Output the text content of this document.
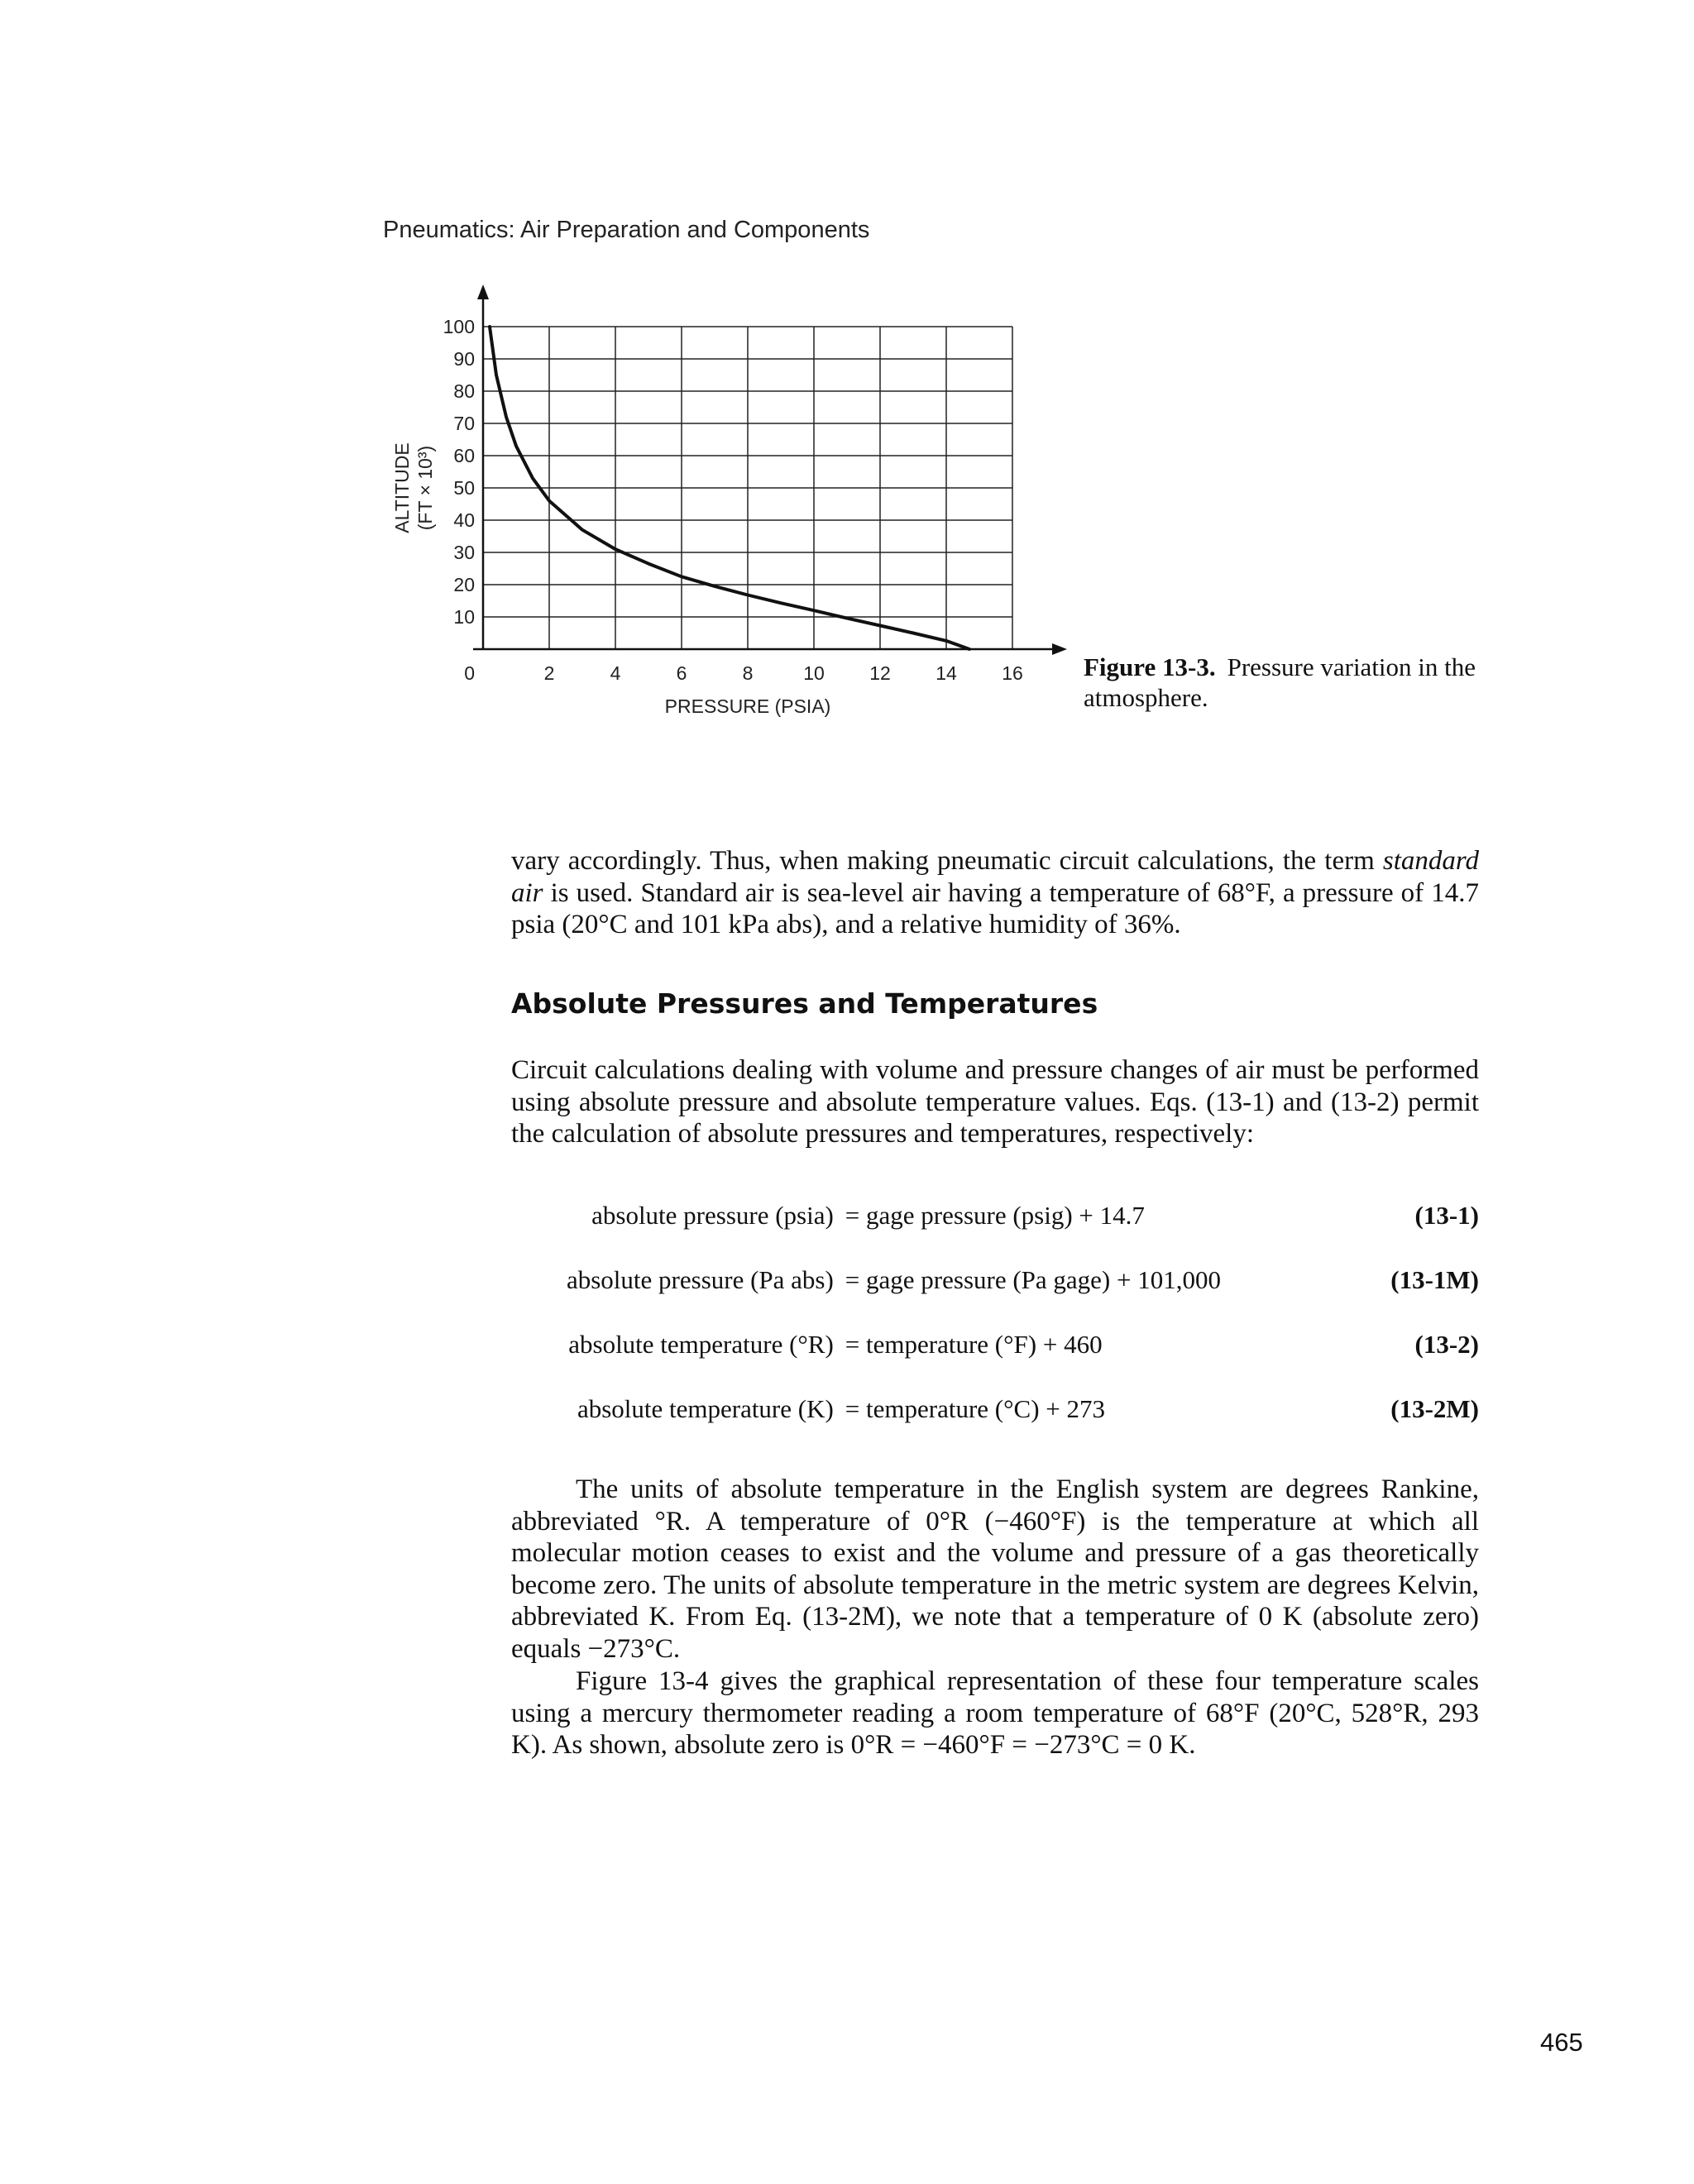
Pneumatics: Air Preparation and Components
2	4	6	8	10 12 14 16
10
20
30
40
50
60
70
80
90
100
0
PRESSURE (PSIA)
ALTITUDE (FT × 10³)
Figure 13-3. Pressure variation in the atmosphere.

vary accordingly. Thus, when making pneumatic circuit calculations, the term standard air is used. Standard air is sea-level air having a temperature of 68°F, a pressure of 14.7 psia (20°C and 101 kPa abs), and a relative humidity of 36%.

Absolute Pressures and Temperatures

Circuit calculations dealing with volume and pressure changes of air must be performed using absolute pressure and absolute temperature values. Eqs. (13-1) and (13-2) permit the calculation of absolute pressures and temperatures, respectively:

absolute pressure (psia) = gage pressure (psig) + 14.7	(13-1)
absolute pressure (Pa abs) = gage pressure (Pa gage) + 101,000	(13-1M)
absolute temperature (°R) = temperature (°F) + 460	(13-2)
absolute temperature (K) = temperature (°C) + 273	(13-2M)

The units of absolute temperature in the English system are degrees Rankine, abbreviated °R. A temperature of 0°R (−460°F) is the temperature at which all molecular motion ceases to exist and the volume and pressure of a gas theoretically become zero. The units of absolute temperature in the metric system are degrees Kelvin, abbreviated K. From Eq. (13-2M), we note that a temperature of 0 K (absolute zero) equals −273°C.

Figure 13-4 gives the graphical representation of these four temperature scales using a mercury thermometer reading a room temperature of 68°F (20°C, 528°R, 293 K). As shown, absolute zero is 0°R = −460°F = −273°C = 0 K.

465
